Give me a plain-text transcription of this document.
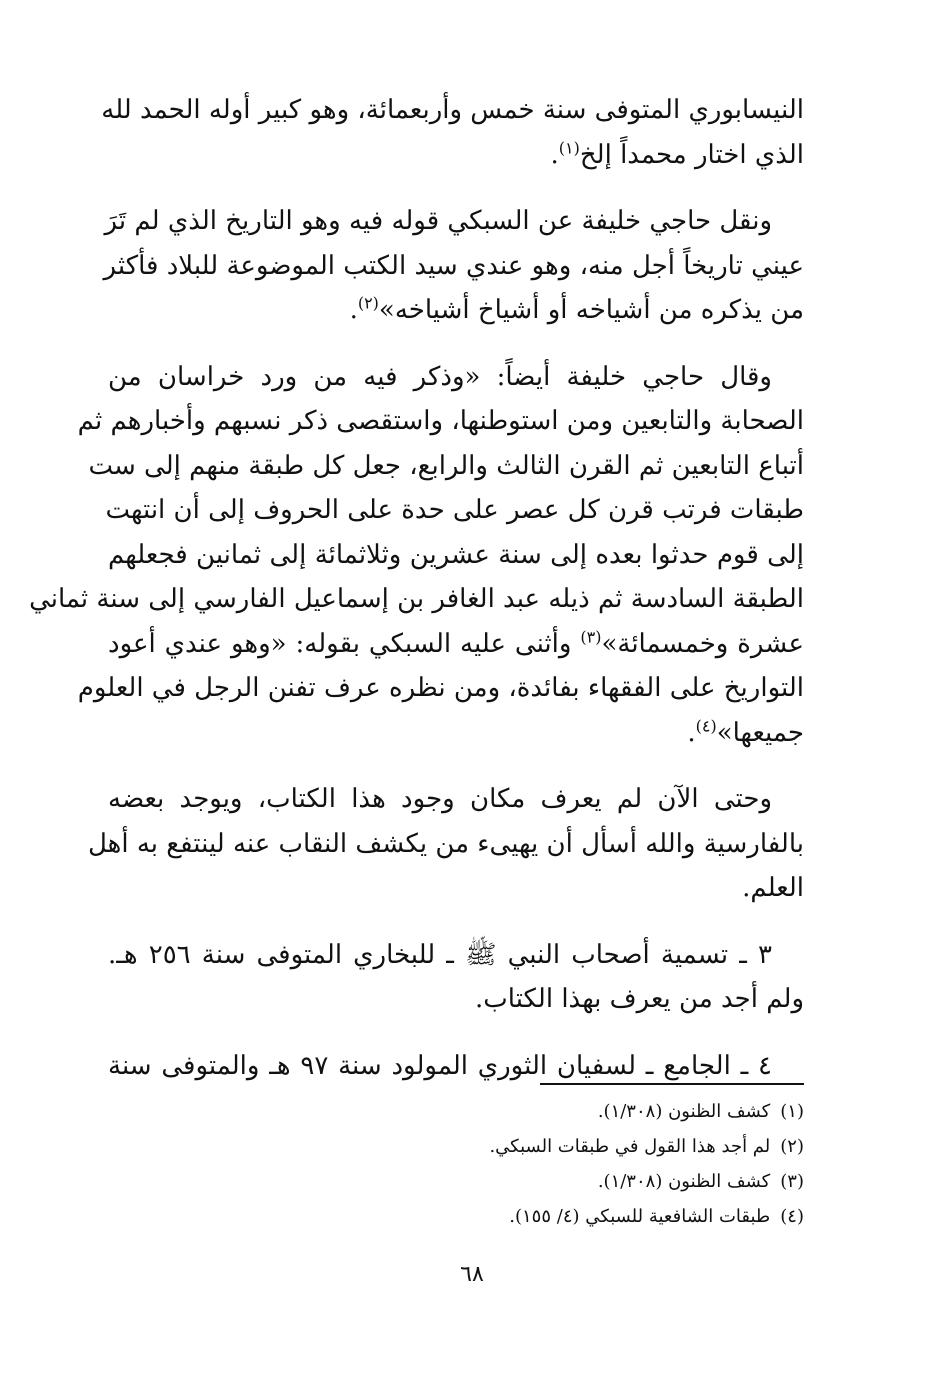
النيسابوري المتوفى سنة خمس وأربعمائة، وهو كبير أوله الحمد لله
الذي اختار محمداً إلخ$^{(١)}$.

ونقل حاجي خليفة عن السبكي قوله فيه وهو التاريخ الذي لم تَرَ
عيني تاريخاً أجل منه، وهو عندي سيد الكتب الموضوعة للبلاد فأكثر
من يذكره من أشياخه أو أشياخ أشياخه»$^{(٢)}$.

وقال حاجي خليفة أيضاً: «وذكر فيه من ورد خراسان من
الصحابة والتابعين ومن استوطنها، واستقصى ذكر نسبهم وأخبارهم ثم
أتباع التابعين ثم القرن الثالث والرابع، جعل كل طبقة منهم إلى ست
طبقات فرتب قرن كل عصر على حدة على الحروف إلى أن انتهت
إلى قوم حدثوا بعده إلى سنة عشرين وثلاثمائة إلى ثمانين فجعلهم
الطبقة السادسة ثم ذيله عبد الغافر بن إسماعيل الفارسي إلى سنة ثماني
عشرة وخمسمائة»$^{(٣)}$ وأثنى عليه السبكي بقوله: «وهو عندي أعود
التواريخ على الفقهاء بفائدة، ومن نظره عرف تفنن الرجل في العلوم
جميعها»$^{(٤)}$.

وحتى الآن لم يعرف مكان وجود هذا الكتاب، ويوجد بعضه
بالفارسية والله أسأل أن يهيىء من يكشف النقاب عنه لينتفع به أهل
العلم.

٣ ـ تسمية أصحاب النبي ﷺ ـ للبخاري المتوفى سنة ٢٥٦ هـ.
ولم أجد من يعرف بهذا الكتاب.

٤ ـ الجامع ـ لسفيان الثوري المولود سنة ٩٧ هـ والمتوفى سنة

(١)كشف الظنون (١/٣٠٨).
(٢)لم أجد هذا القول في طبقات السبكي.
(٣)كشف الظنون (١/٣٠٨).
(٤)طبقات الشافعية للسبكي (٤/ ١٥٥).
٦٨
